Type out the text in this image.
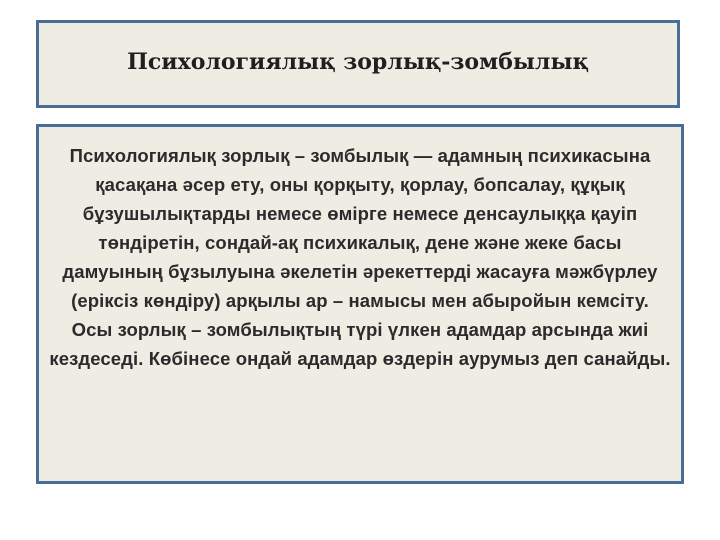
Психологиялық зорлық-зомбылық

Психологиялық зорлық – зомбылық — адамның психикасына қасақана әсер ету, оны қорқыту, қорлау, бопсалау, құқық бұзушылықтарды немесе өмірге немесе денсаулыққа қауіп төндіретін, сондай-ақ психикалық, дене және жеке басы дамуының бұзылуына әкелетін әрекеттерді жасауға мәжбүрлеу (еріксіз көндіру) арқылы ар – намысы мен абыройын кемсіту.

Осы зорлық – зомбылықтың түрі үлкен адамдар арсында жиі кездеседі. Көбінесе ондай адамдар өздерін аурумыз деп санайды.
